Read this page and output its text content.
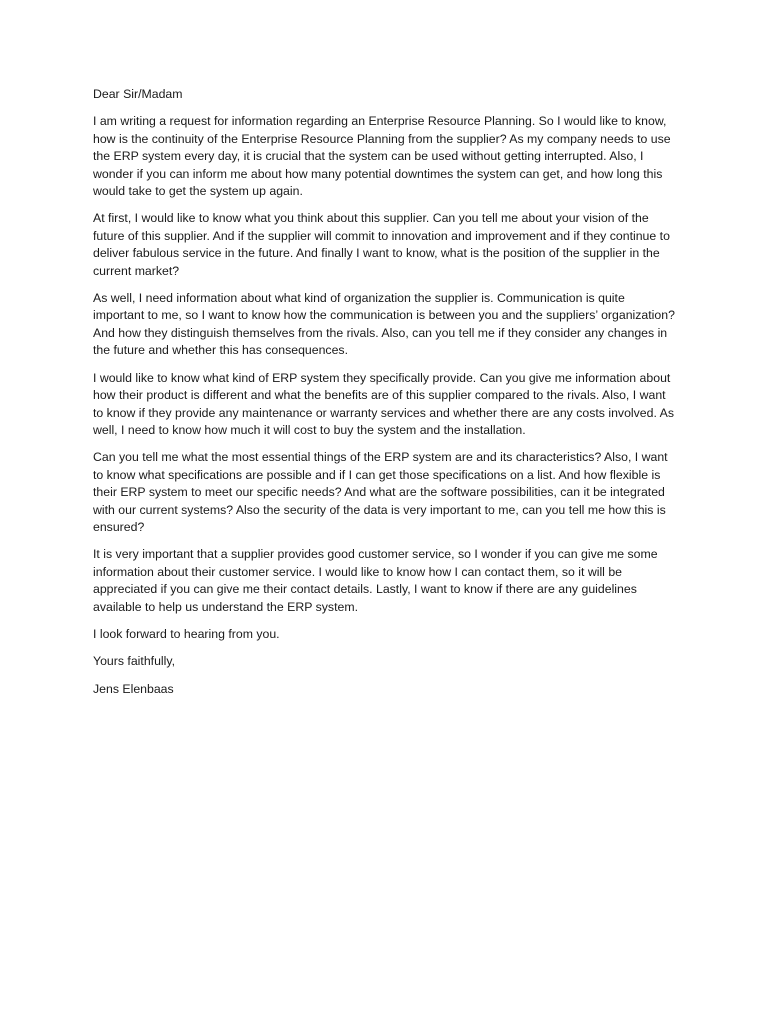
Dear Sir/Madam

I am writing a request for information regarding an Enterprise Resource Planning. So I would like to know, how is the continuity of the Enterprise Resource Planning from the supplier? As my company needs to use the ERP system every day, it is crucial that the system can be used without getting interrupted. Also, I wonder if you can inform me about how many potential downtimes the system can get, and how long this would take to get the system up again.

At first, I would like to know what you think about this supplier. Can you tell me about your vision of the future of this supplier. And if the supplier will commit to innovation and improvement and if they continue to deliver fabulous service in the future. And finally I want to know, what is the position of the supplier in the current market?

As well, I need information about what kind of organization the supplier is. Communication is quite important to me, so I want to know how the communication is between you and the suppliers’ organization? And how they distinguish themselves from the rivals. Also, can you tell me if they consider any changes in the future and whether this has consequences.

I would like to know what kind of ERP system they specifically provide. Can you give me information about how their product is different and what the benefits are of this supplier compared to the rivals. Also, I want to know if they provide any maintenance or warranty services and whether there are any costs involved. As well, I need to know how much it will cost to buy the system and the installation.

Can you tell me what the most essential things of the ERP system are and its characteristics? Also, I want to know what specifications are possible and if I can get those specifications on a list. And how flexible is their ERP system to meet our specific needs? And what are the software possibilities, can it be integrated with our current systems? Also the security of the data is very important to me, can you tell me how this is ensured?

It is very important that a supplier provides good customer service, so I wonder if you can give me some information about their customer service. I would like to know how I can contact them, so it will be appreciated if you can give me their contact details. Lastly, I want to know if there are any guidelines available to help us understand the ERP system.

I look forward to hearing from you.

Yours faithfully,

Jens Elenbaas
